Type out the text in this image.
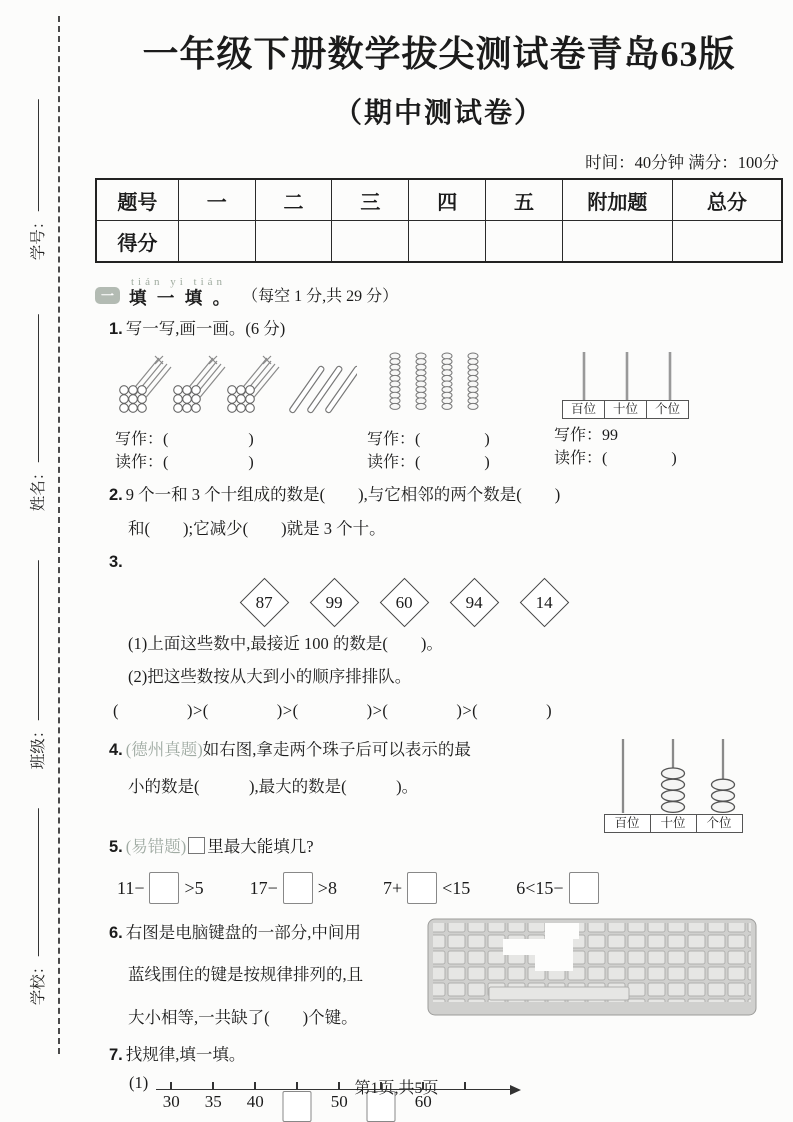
学号：
姓名：
班级：
学校：
一年级下册数学拔尖测试卷青岛63版
（期中测试卷）
时间：40分钟 满分：100分
题号	一	二	三	四	五	附加题	总分
得分							
一
tián yi tián
填 一 填 。 （每空 1 分,共 29 分）
1. 写一写,画一画。(6 分)
写作：(　　　　　)
读作：(　　　　　)
写作：(　　　　)
读作：(　　　　)
百位	十位	个位
写作：99
读作：(　　　　)
2. 9 个一和 3 个十组成的数是(　　),与它相邻的两个数是(　　)
和(　　);它减少(　　)就是 3 个十。
3.
87	99	60	94	14
(1)上面这些数中,最接近 100 的数是(　　)。
(2)把这些数按从大到小的顺序排排队。
(　　　　)>(　　　　)>(　　　　)>(　　　　)>(　　　　)
4. (德州真题)如右图,拿走两个珠子后可以表示的最
小的数是(　　　),最大的数是(　　　)。
百位	十位	个位
5. (易错题) 里最大能填几?
11− >5	17− >8	7+ <15	6<15−
6. 右图是电脑键盘的一部分,中间用
蓝线围住的键是按规律排列的,且
大小相等,一共缺了(　　)个键。
7. 找规律,填一填。
(1)
30 35 40	50	60
第1页,共5页
